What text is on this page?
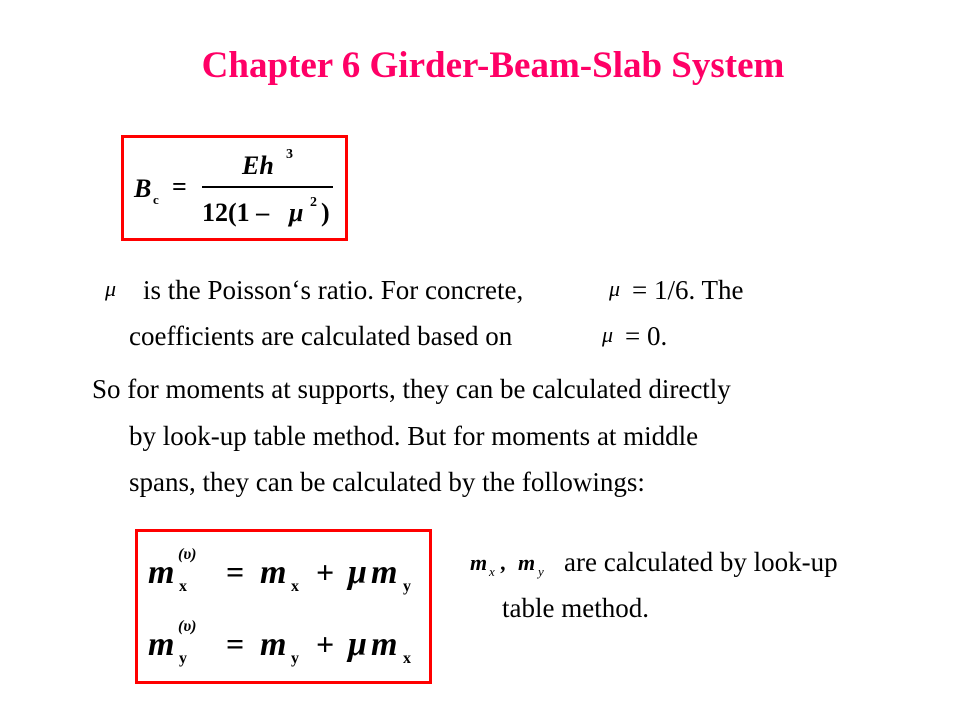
Chapter 6 Girder-Beam-Slab System
B c =
Eh 3
12(1 – μ 2 )
μ is the Poisson‘s ratio. For concrete,	μ = 1/6. The
coefficients are calculated based on	μ = 0.
So for moments at supports, they can be calculated directly
by look-up table method. But for moments at middle
spans, they can be calculated by the followings:
m (υ)
x = m x + μ m y
m (υ)
y = m y + μ m x
m x , m y are calculated by look-up
table method.
